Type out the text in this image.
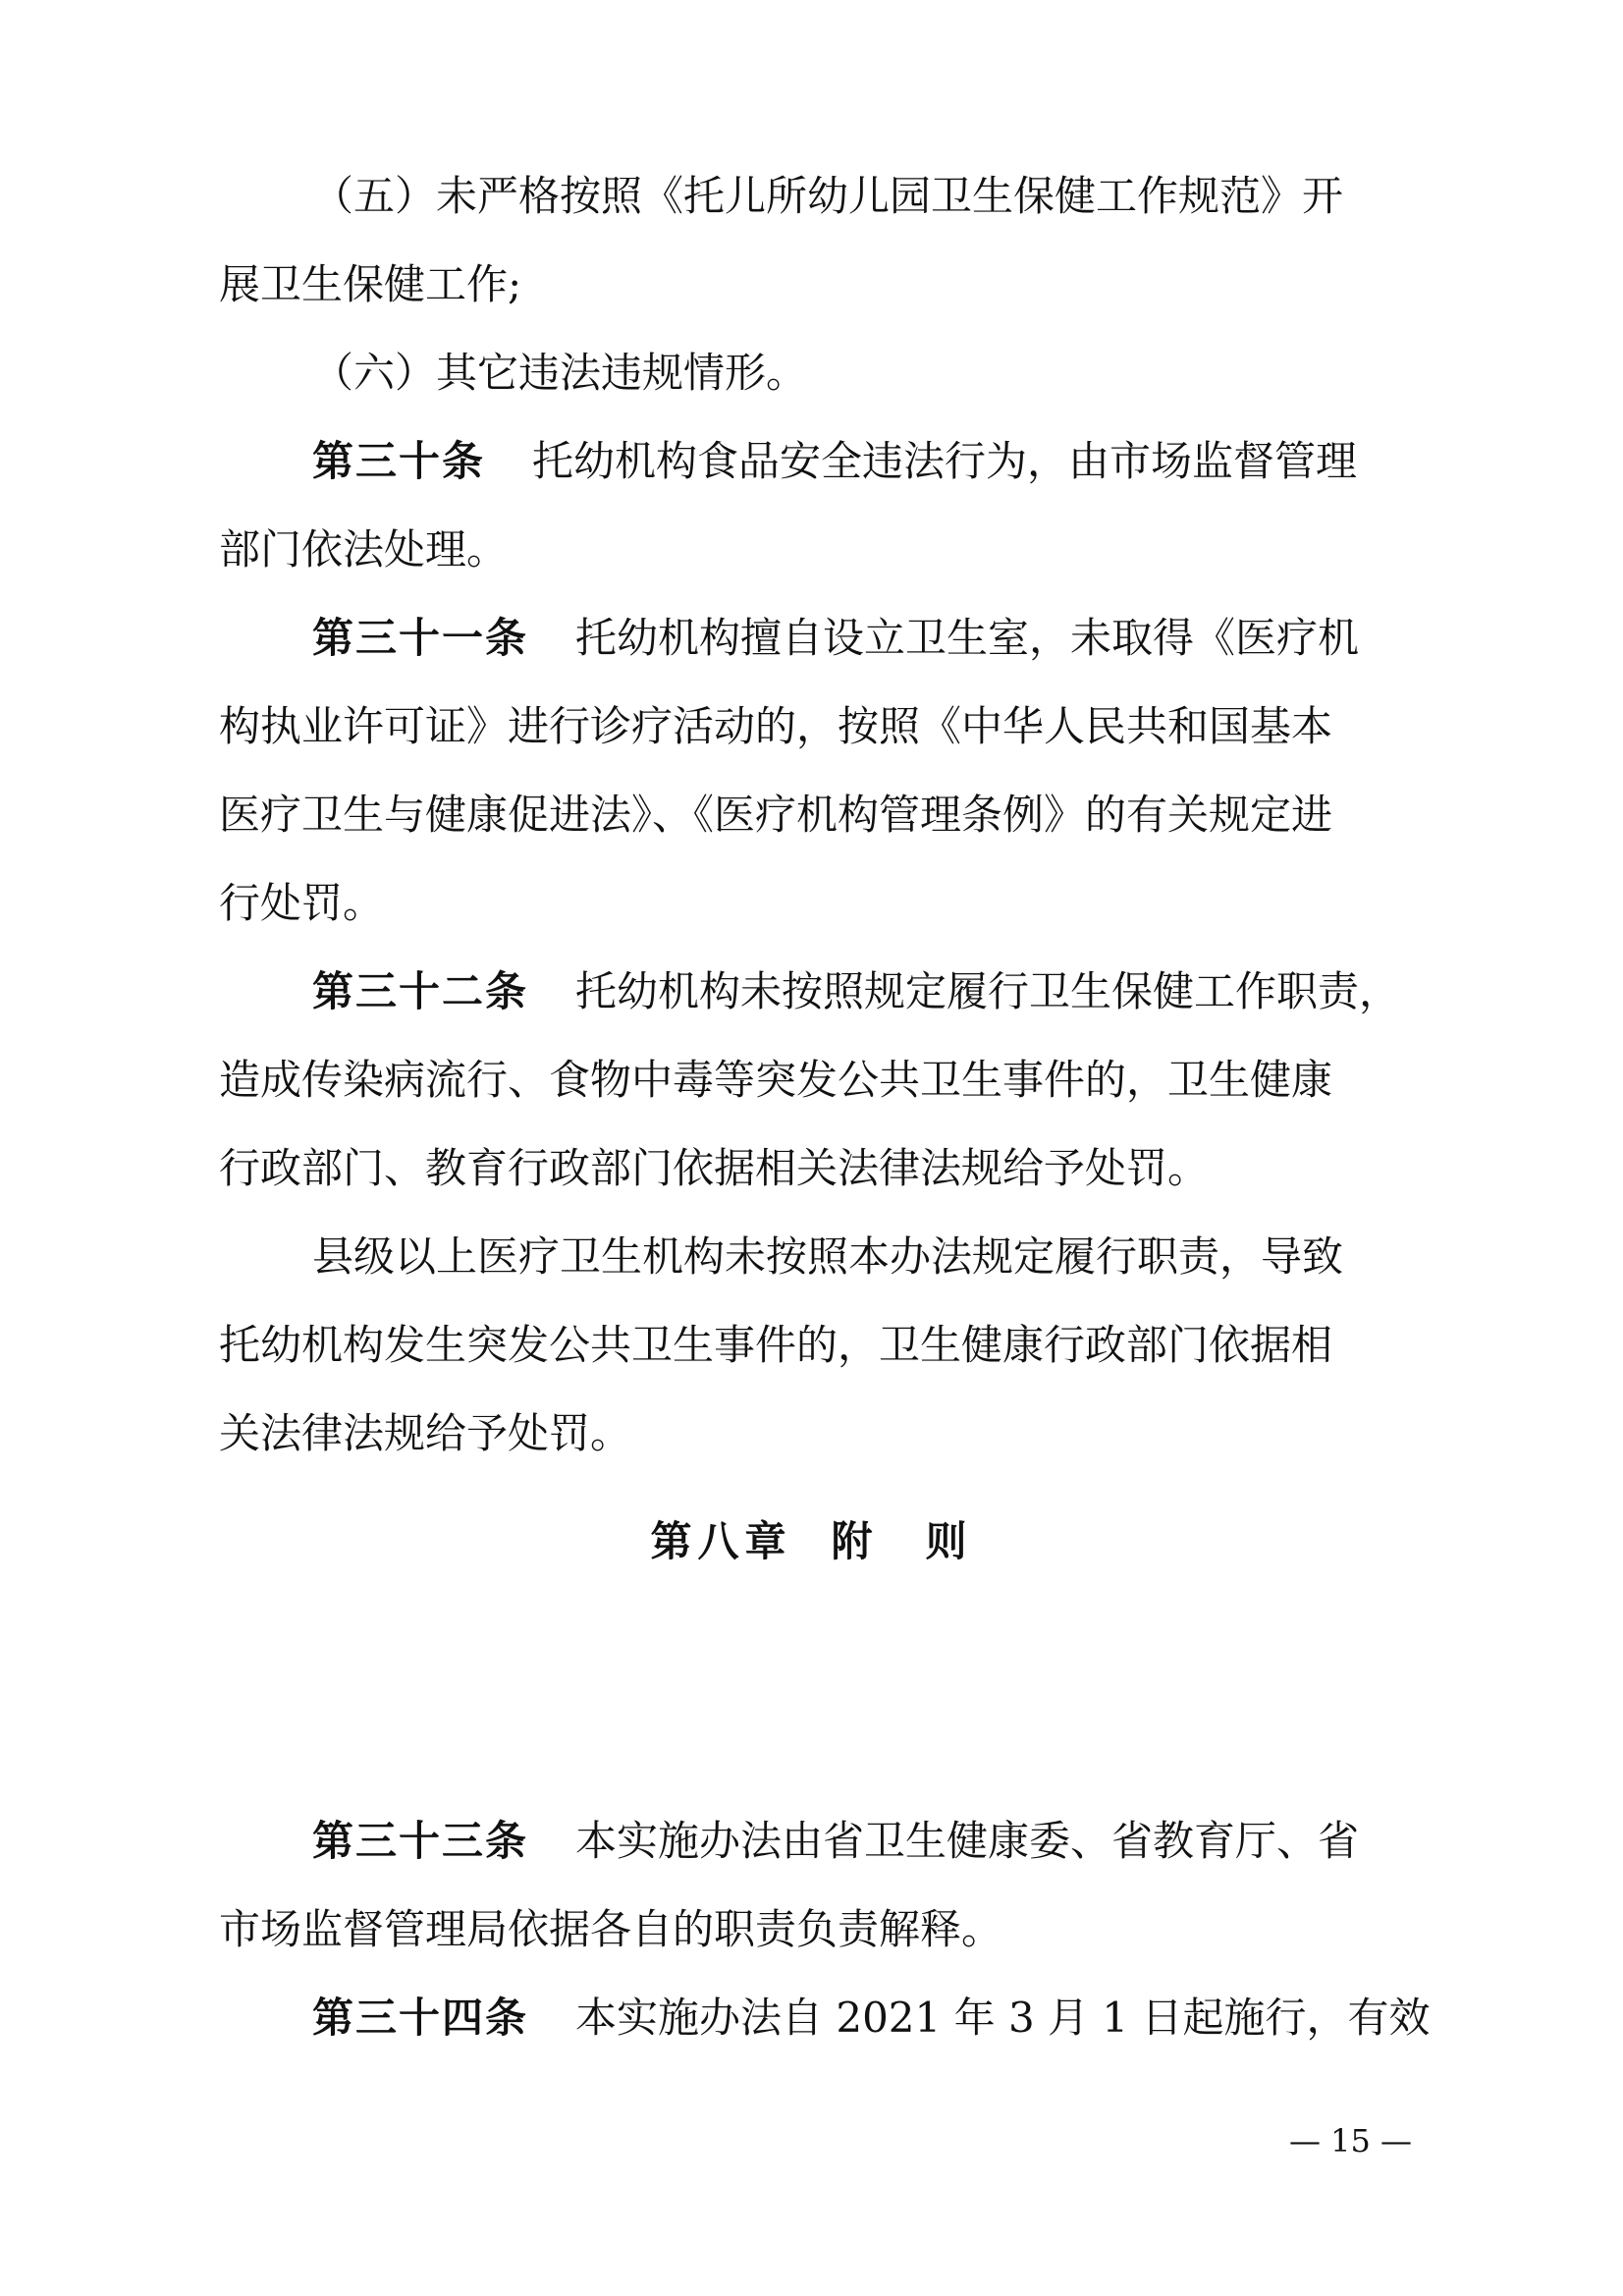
（五）未严格按照《托儿所幼儿园卫生保健工作规范》开
展卫生保健工作;
（六）其它违法违规情形。
第三十条 托幼机构食品安全违法行为，由市场监督管理
部门依法处理。
第三十一条 托幼机构擅自设立卫生室，未取得《医疗机
构执业许可证》进行诊疗活动的，按照《中华人民共和国基本
医疗卫生与健康促进法》、《医疗机构管理条例》的有关规定进
行处罚。
第三十二条 托幼机构未按照规定履行卫生保健工作职责，
造成传染病流行、食物中毒等突发公共卫生事件的，卫生健康
行政部门、教育行政部门依据相关法律法规给予处罚。
县级以上医疗卫生机构未按照本办法规定履行职责，导致
托幼机构发生突发公共卫生事件的，卫生健康行政部门依据相
关法律法规给予处罚。
第八章 附　则
第三十三条 本实施办法由省卫生健康委、省教育厅、省
市场监督管理局依据各自的职责负责解释。
第三十四条 本实施办法自 2021 年 3 月 1 日起施行，有效
— 15 —
